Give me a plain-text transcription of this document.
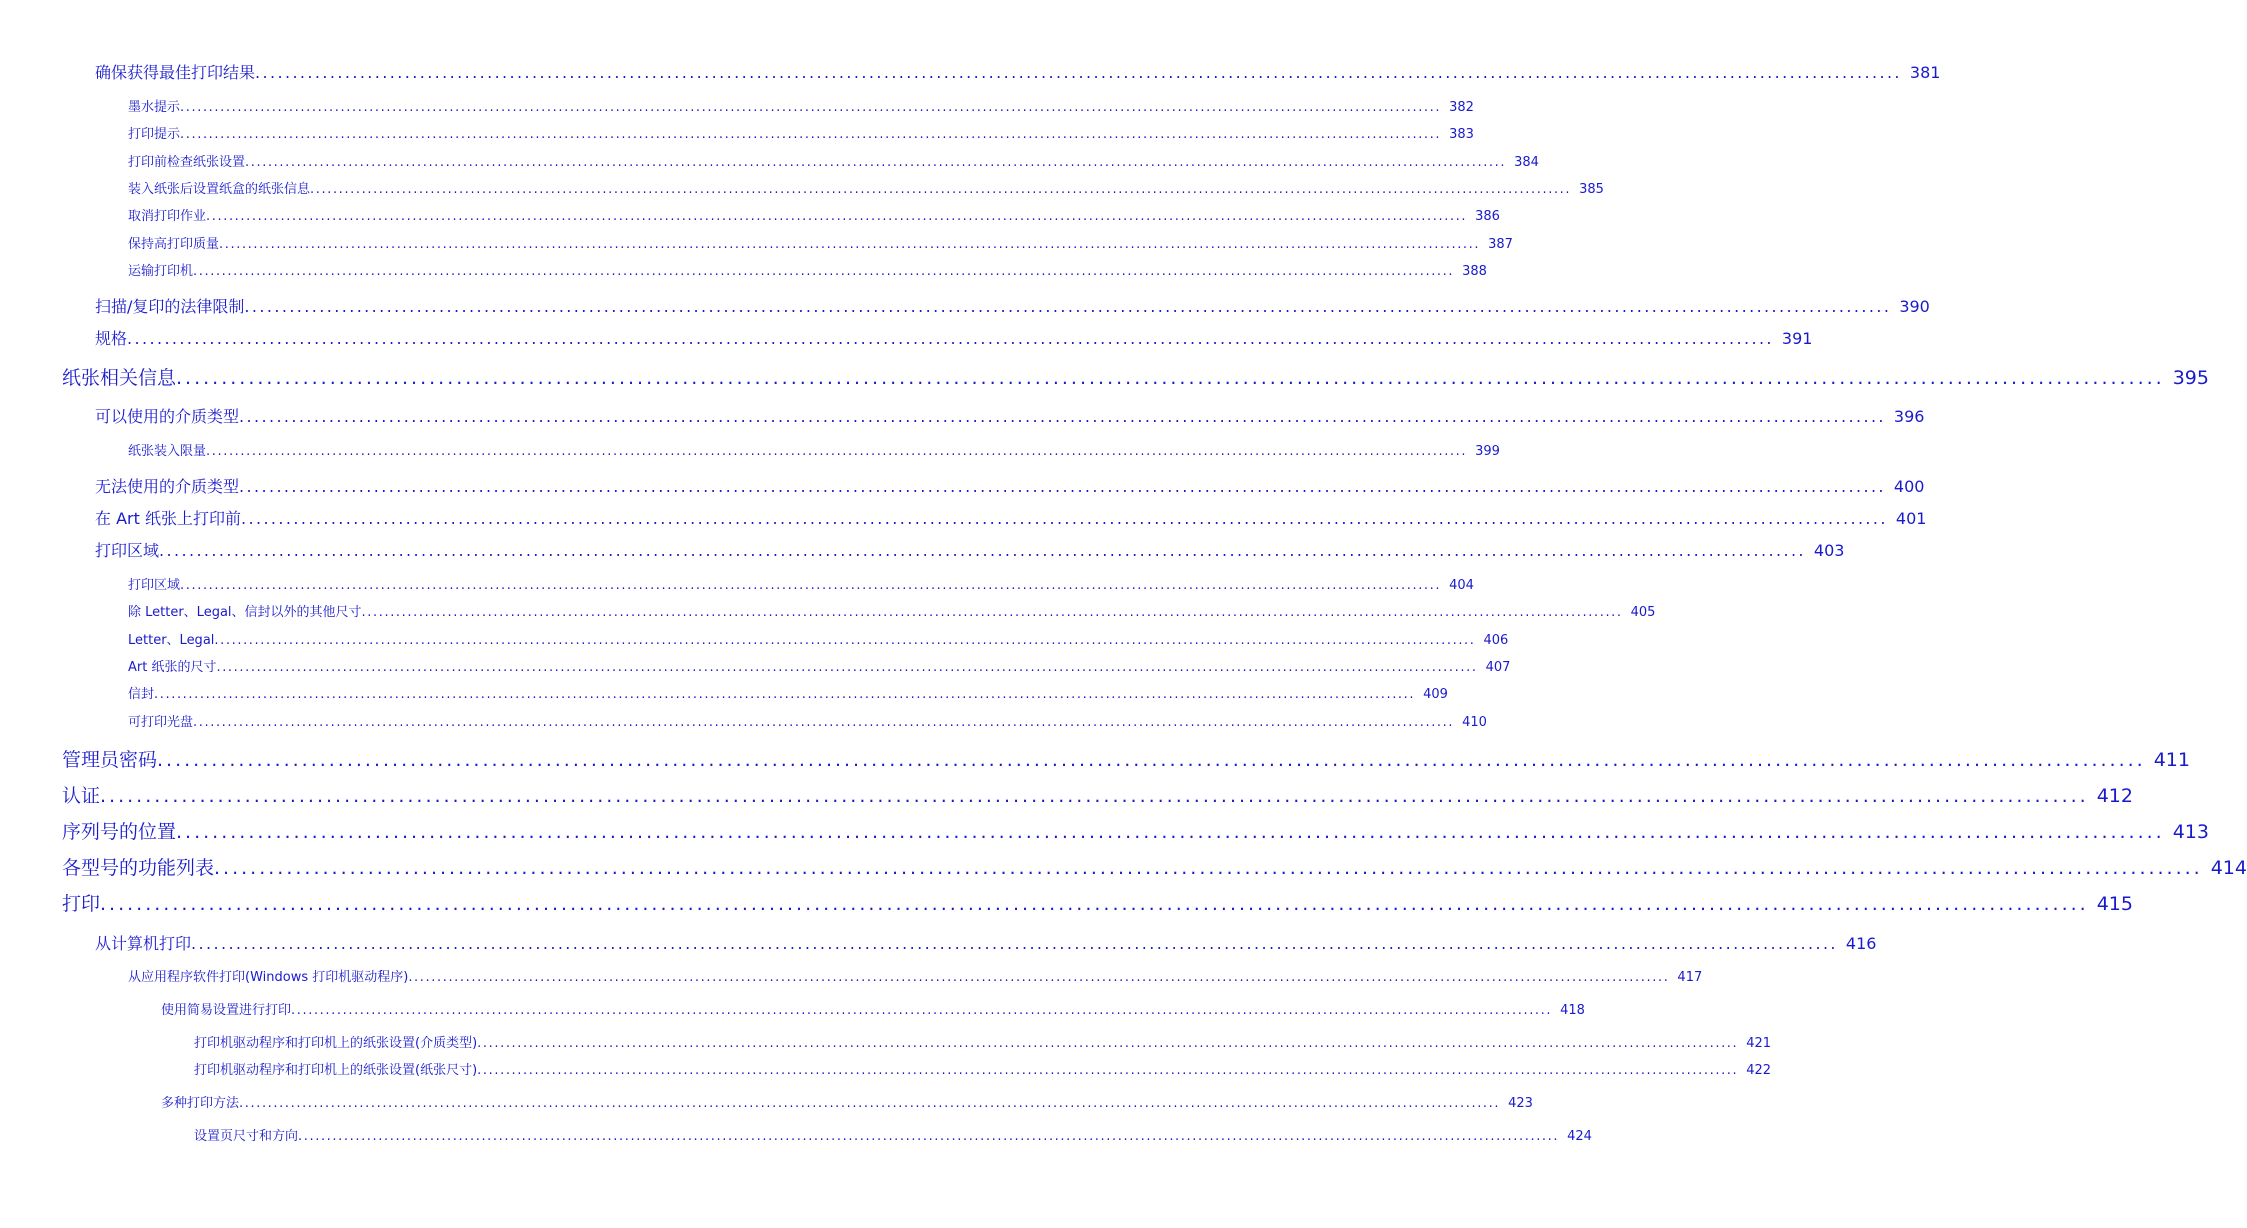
确保获得最佳打印结果 ............................................................................................................................................................................................................................ 381
墨水提示 ............................................................................................................................................................................................................................ 382
打印提示 ............................................................................................................................................................................................................................ 383
打印前检查纸张设置 ............................................................................................................................................................................................................................ 384
装入纸张后设置纸盒的纸张信息 ............................................................................................................................................................................................................................ 385
取消打印作业 ............................................................................................................................................................................................................................ 386
保持高打印质量 ............................................................................................................................................................................................................................ 387
运输打印机 ............................................................................................................................................................................................................................ 388
扫描/复印的法律限制 ............................................................................................................................................................................................................................ 390
规格 ............................................................................................................................................................................................................................ 391
纸张相关信息 ............................................................................................................................................................................................................................ 395
可以使用的介质类型 ............................................................................................................................................................................................................................ 396
纸张装入限量 ............................................................................................................................................................................................................................ 399
无法使用的介质类型 ............................................................................................................................................................................................................................ 400
在 Art 纸张上打印前 ............................................................................................................................................................................................................................ 401
打印区域 ............................................................................................................................................................................................................................ 403
打印区域 ............................................................................................................................................................................................................................ 404
除 Letter、Legal、信封以外的其他尺寸 ............................................................................................................................................................................................................................ 405
Letter、Legal ............................................................................................................................................................................................................................ 406
Art 纸张的尺寸 ............................................................................................................................................................................................................................ 407
信封 ............................................................................................................................................................................................................................ 409
可打印光盘 ............................................................................................................................................................................................................................ 410
管理员密码 ............................................................................................................................................................................................................................ 411
认证 ............................................................................................................................................................................................................................ 412
序列号的位置 ............................................................................................................................................................................................................................ 413
各型号的功能列表 ............................................................................................................................................................................................................................ 414
打印 ............................................................................................................................................................................................................................ 415
从计算机打印 ............................................................................................................................................................................................................................ 416
从应用程序软件打印(Windows 打印机驱动程序) ............................................................................................................................................................................................................................ 417
使用简易设置进行打印 ............................................................................................................................................................................................................................ 418
打印机驱动程序和打印机上的纸张设置(介质类型) ............................................................................................................................................................................................................................ 421
打印机驱动程序和打印机上的纸张设置(纸张尺寸) ............................................................................................................................................................................................................................ 422
多种打印方法 ............................................................................................................................................................................................................................ 423
设置页尺寸和方向 ............................................................................................................................................................................................................................ 424
